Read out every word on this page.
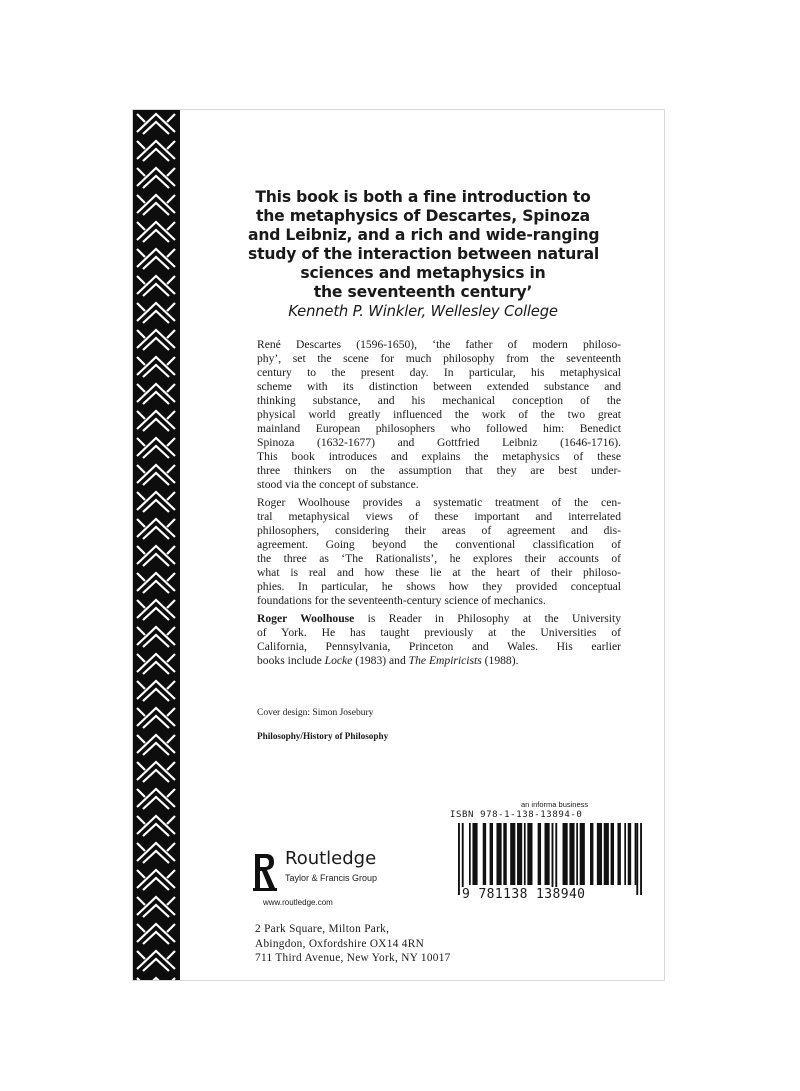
This book is both a fine introduction to
the metaphysics of Descartes, Spinoza
and Leibniz, and a rich and wide-ranging
study of the interaction between natural
sciences and metaphysics in
the seventeenth century’
Kenneth P. Winkler, Wellesley College

René Descartes (1596-1650), ‘the father of modern philoso-
phy’, set the scene for much philosophy from the seventeenth
century to the present day. In particular, his metaphysical
scheme with its distinction between extended substance and
thinking substance, and his mechanical conception of the
physical world greatly influenced the work of the two great
mainland European philosophers who followed him: Benedict
Spinoza (1632-1677) and Gottfried Leibniz (1646-1716).
This book introduces and explains the metaphysics of these
three thinkers on the assumption that they are best under-
stood via the concept of substance.

Roger Woolhouse provides a systematic treatment of the cen-
tral metaphysical views of these important and interrelated
philosophers, considering their areas of agreement and dis-
agreement. Going beyond the conventional classification of
the three as ‘The Rationalists’, he explores their accounts of
what is real and how these lie at the heart of their philoso-
phies. In particular, he shows how they provided conceptual
foundations for the seventeenth-century science of mechanics.

Roger Woolhouse is Reader in Philosophy at the University
of York. He has taught previously at the Universities of
California, Pennsylvania, Princeton and Wales. His earlier
books include Locke (1983) and The Empiricists (1988).

Cover design: Simon Josebury
Philosophy/History of Philosophy
Routledge
Taylor & Francis Group
www.routledge.com
2 Park Square, Milton Park,
Abingdon, Oxfordshire OX14 4RN
711 Third Avenue, New York, NY 10017
an informa business
ISBN 978-1-138-13894-0
9 781138 138940
